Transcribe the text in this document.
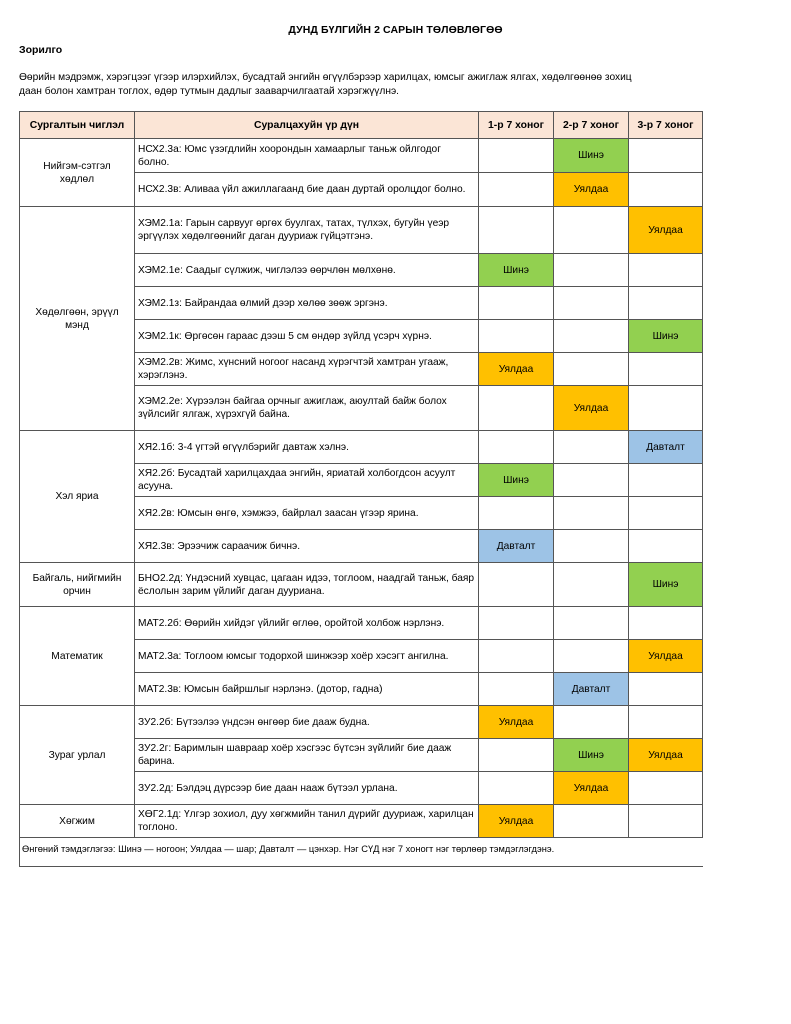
ДУНД БҮЛГИЙН 2 САРЫН ТӨЛӨВЛӨГӨӨ
Зорилго
Өөрийн мэдрэмж, хэрэгцээг үгээр илэрхийлэх, бусадтай энгийн өгүүлбэрээр харилцах, юмсыг ажиглаж ялгах, хөдөлгөөнөө зохиц
даан болон хамтран тоглох, өдөр тутмын дадлыг зааварчилгаатай хэрэгжүүлнэ.
Сургалтын чиглэл	Суралцахуйн үр дүн	1-р 7 хоног	2-р 7 хоног	3-р 7 хоног
Нийгэм-сэтгэл хөдлөл	НСХ2.3а: Юмс үзэгдлийн хоорондын хамаарлыг таньж ойлгодог болно.		Шинэ	
	НСХ2.3в: Аливаа үйл ажиллагаанд бие даан дуртай оролцдог болно.		Уялдаа	
Хөдөлгөөн, эрүүл мэнд	ХЭМ2.1а: Гарын сарвууг өргөх буулгах, татах, түлхэх, бугуйн үеэр эргүүлэх хөдөлгөөнийг даган дууриаж гүйцэтгэнэ.			Уялдаа
	ХЭМ2.1е: Саадыг сүлжиж, чиглэлээ өөрчлөн мөлхөнө.	Шинэ		
	ХЭМ2.1з: Байрандаа өлмий дээр хөлөө зөөж эргэнэ.			
	ХЭМ2.1к: Өргөсөн гараас дээш 5 см өндөр зүйлд үсэрч хүрнэ.			Шинэ
	ХЭМ2.2в: Жимс, хүнсний ногоог насанд хүрэгчтэй хамтран угааж, хэрэглэнэ.	Уялдаа		
	ХЭМ2.2е: Хүрээлэн байгаа орчныг ажиглаж, аюултай байж болох зүйлсийг ялгаж, хүрэхгүй байна.		Уялдаа	
Хэл яриа	ХЯ2.1б: 3-4 үгтэй өгүүлбэрийг давтаж хэлнэ.			Давталт
	ХЯ2.2б: Бусадтай харилцахдаа энгийн, яриатай холбогдсон асуулт асууна.	Шинэ		
	ХЯ2.2в: Юмсын өнгө, хэмжээ, байрлал заасан үгээр ярина.			
	ХЯ2.3в: Эрээчиж сараачиж бичнэ.	Давталт		
Байгаль, нийгмийн орчин	БНО2.2д: Үндэсний хувцас, цагаан идээ, тоглоом, наадгай таньж, баяр ёслолын зарим үйлийг даган дууриана.			Шинэ
Математик	МАТ2.2б: Өөрийн хийдэг үйлийг өглөө, оройтой холбож нэрлэнэ.			
	МАТ2.3а: Тоглоом юмсыг тодорхой шинжээр хоёр хэсэгт ангилна.			Уялдаа
	МАТ2.3в: Юмсын байршлыг нэрлэнэ. (дотор, гадна)		Давталт	
Зураг урлал	ЗУ2.2б: Бүтээлээ үндсэн өнгөөр бие дааж будна.	Уялдаа		
	ЗУ2.2г: Баримлын шавраар хоёр хэсгээс бүтсэн зүйлийг бие дааж барина.		Шинэ	Уялдаа
	ЗУ2.2д: Бэлдэц дүрсээр бие даан нааж бүтээл урлана.		Уялдаа	
Хөгжим	ХӨГ2.1д: Үлгэр зохиол, дуу хөгжмийн танил дүрийг дууриаж, харилцан тоглоно.	Уялдаа		
Өнгөний тэмдэглэгээ: Шинэ — ногоон; Уялдаа — шар; Давталт — цэнхэр. Нэг СҮД нэг 7 хоногт нэг төрлөөр тэмдэглэгдэнэ.				
